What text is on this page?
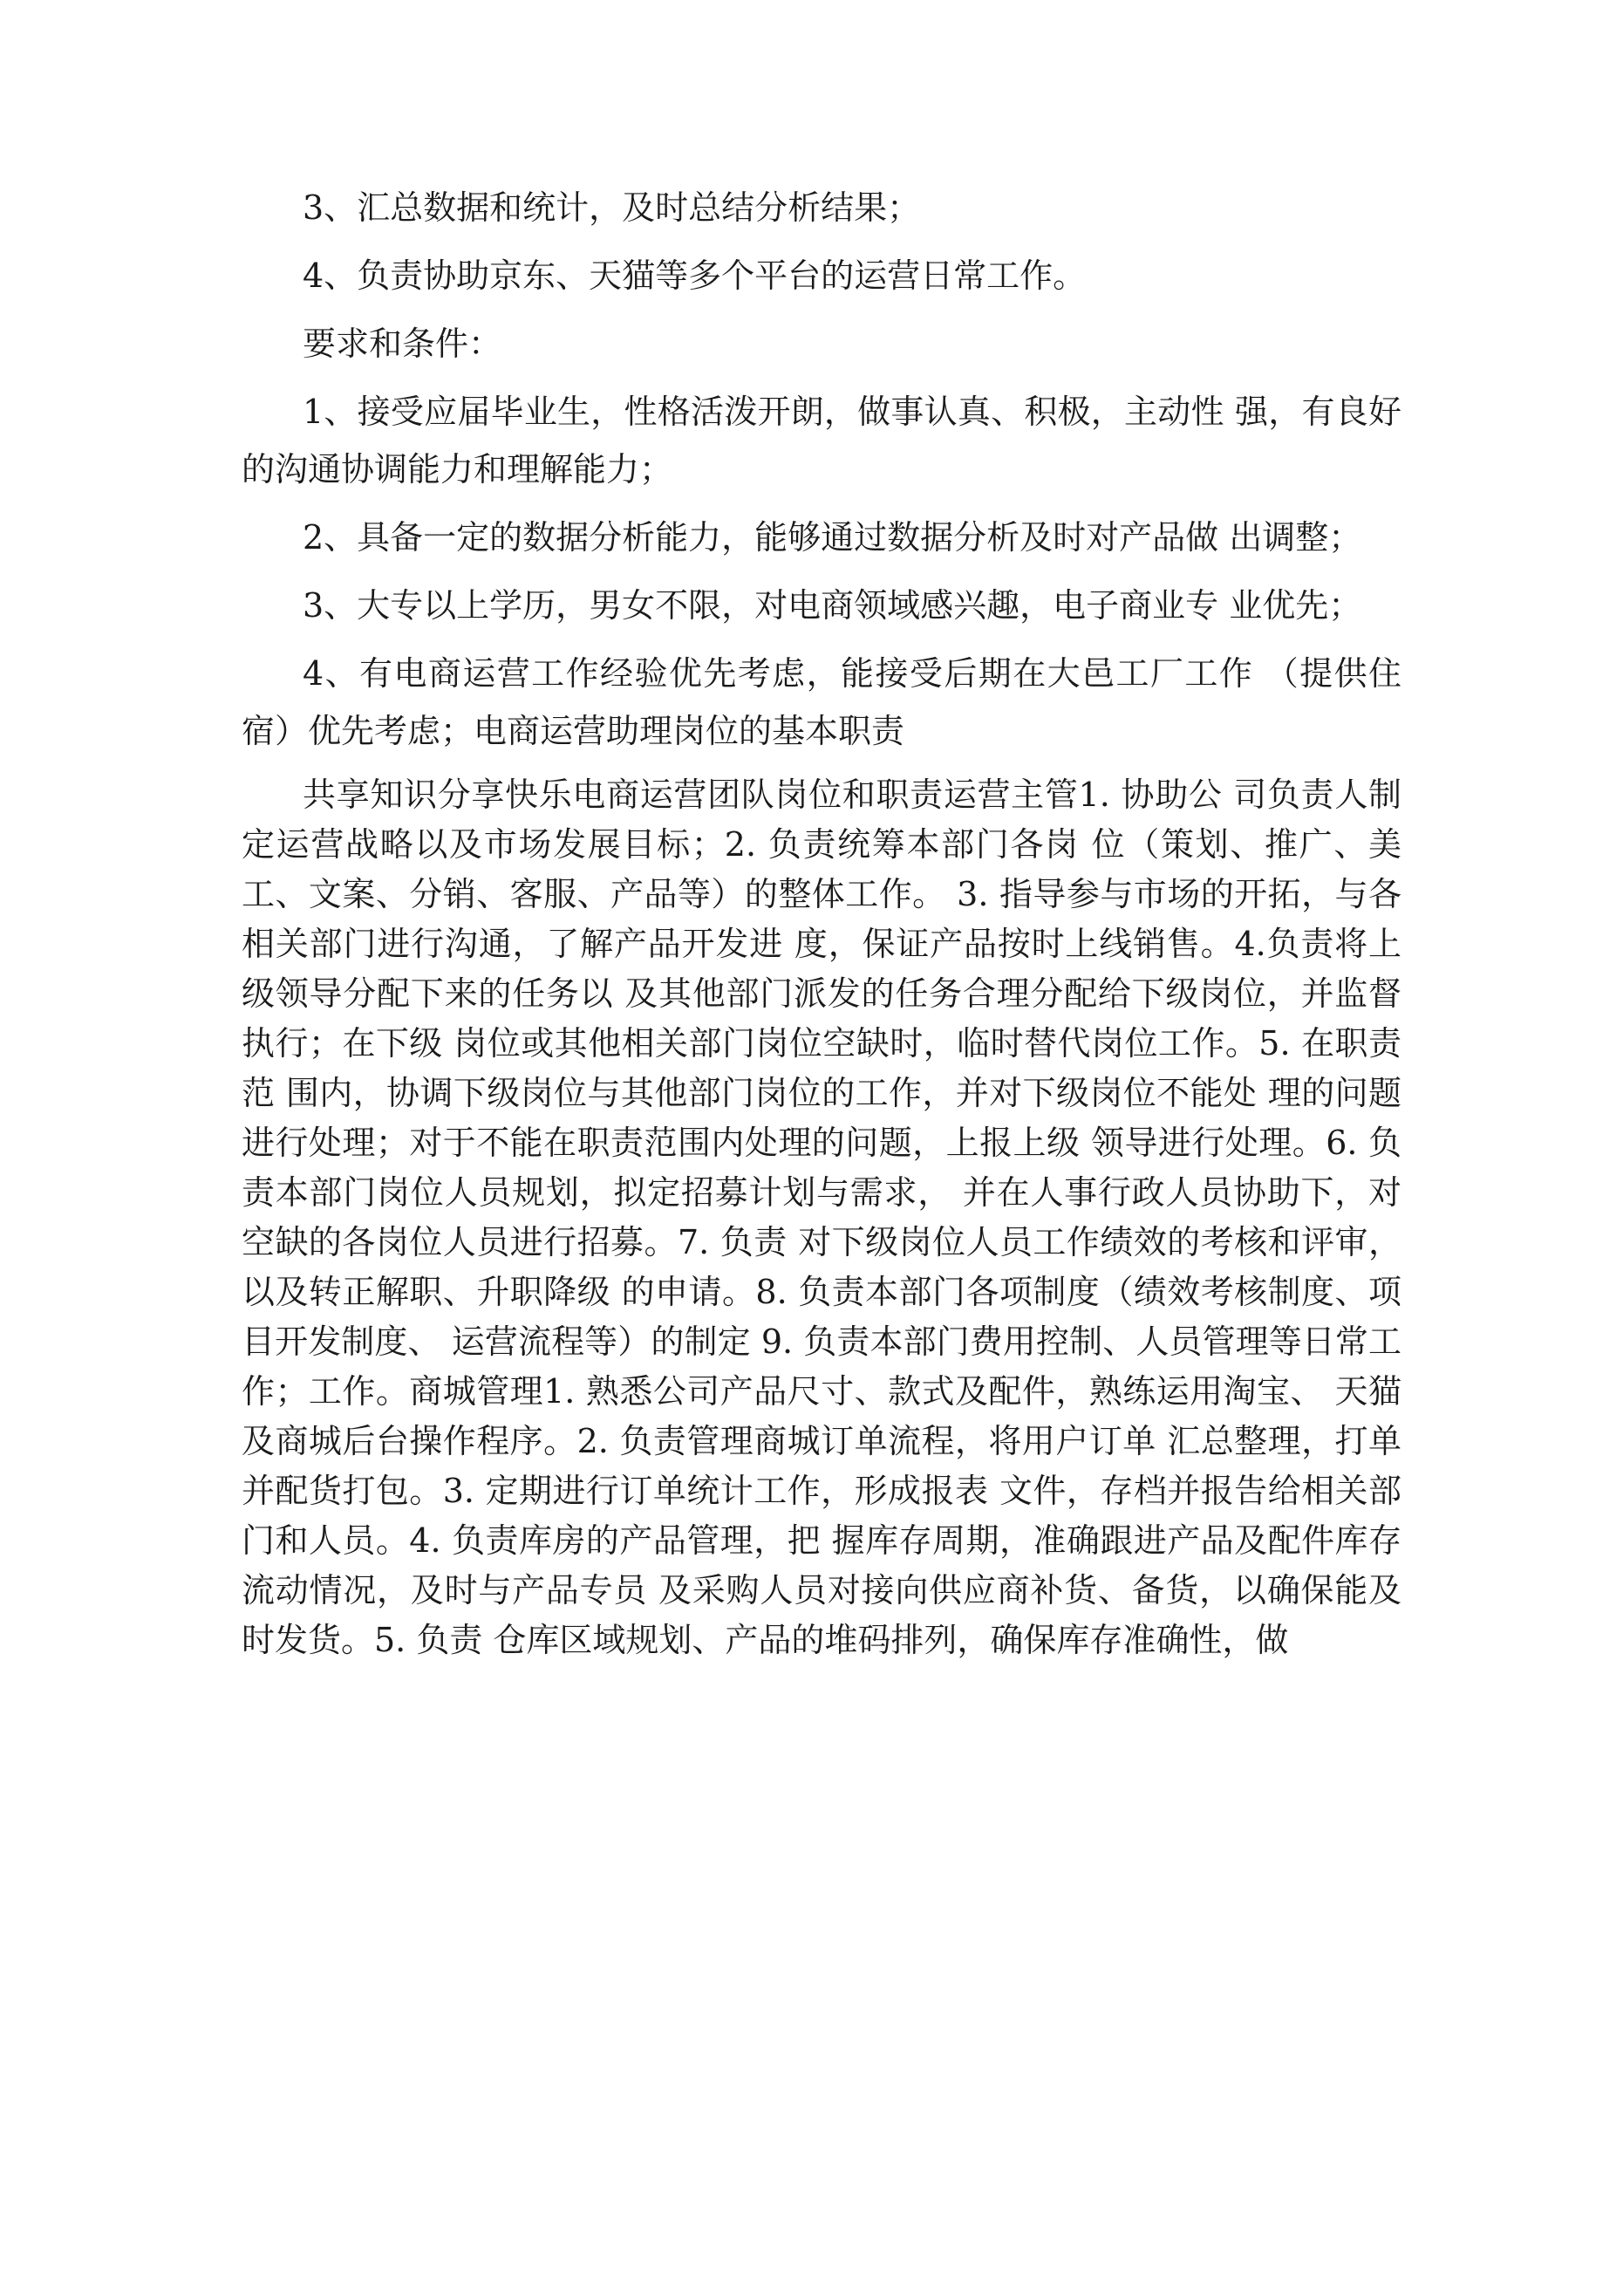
3、汇总数据和统计，及时总结分析结果；

4、负责协助京东、天猫等多个平台的运营日常工作。

要求和条件：

1、接受应届毕业生，性格活泼开朗，做事认真、积极，主动性 强，有良好的沟通协调能力和理解能力；

2、具备一定的数据分析能力，能够通过数据分析及时对产品做 出调整；

3、大专以上学历，男女不限，对电商领域感兴趣，电子商业专 业优先；

4、有电商运营工作经验优先考虑，能接受后期在大邑工厂工作 （提供住宿）优先考虑；电商运营助理岗位的基本职责

共享知识分享快乐电商运营团队岗位和职责运营主管1. 协助公 司负责人制定运营战略以及市场发展目标；2. 负责统筹本部门各岗 位（策划、推广、美工、文案、分销、客服、产品等）的整体工作。 3. 指导参与市场的开拓，与各相关部门进行沟通，了解产品开发进 度，保证产品按时上线销售。4.负责将上级领导分配下来的任务以 及其他部门派发的任务合理分配给下级岗位，并监督执行；在下级 岗位或其他相关部门岗位空缺时，临时替代岗位工作。5. 在职责范 围内，协调下级岗位与其他部门岗位的工作，并对下级岗位不能处 理的问题进行处理；对于不能在职责范围内处理的问题，上报上级 领导进行处理。6. 负责本部门岗位人员规划，拟定招募计划与需求， 并在人事行政人员协助下，对空缺的各岗位人员进行招募。7. 负责 对下级岗位人员工作绩效的考核和评审，以及转正解职、升职降级 的申请。8. 负责本部门各项制度（绩效考核制度、项目开发制度、 运营流程等）的制定 9. 负责本部门费用控制、人员管理等日常工作；工作。商城管理1. 熟悉公司产品尺寸、款式及配件，熟练运用淘宝、 天猫及商城后台操作程序。2. 负责管理商城订单流程，将用户订单 汇总整理，打单并配货打包。3. 定期进行订单统计工作，形成报表 文件，存档并报告给相关部门和人员。4. 负责库房的产品管理，把 握库存周期，准确跟进产品及配件库存流动情况，及时与产品专员 及采购人员对接向供应商补货、备货，以确保能及时发货。5. 负责 仓库区域规划、产品的堆码排列，确保库存准确性，做
